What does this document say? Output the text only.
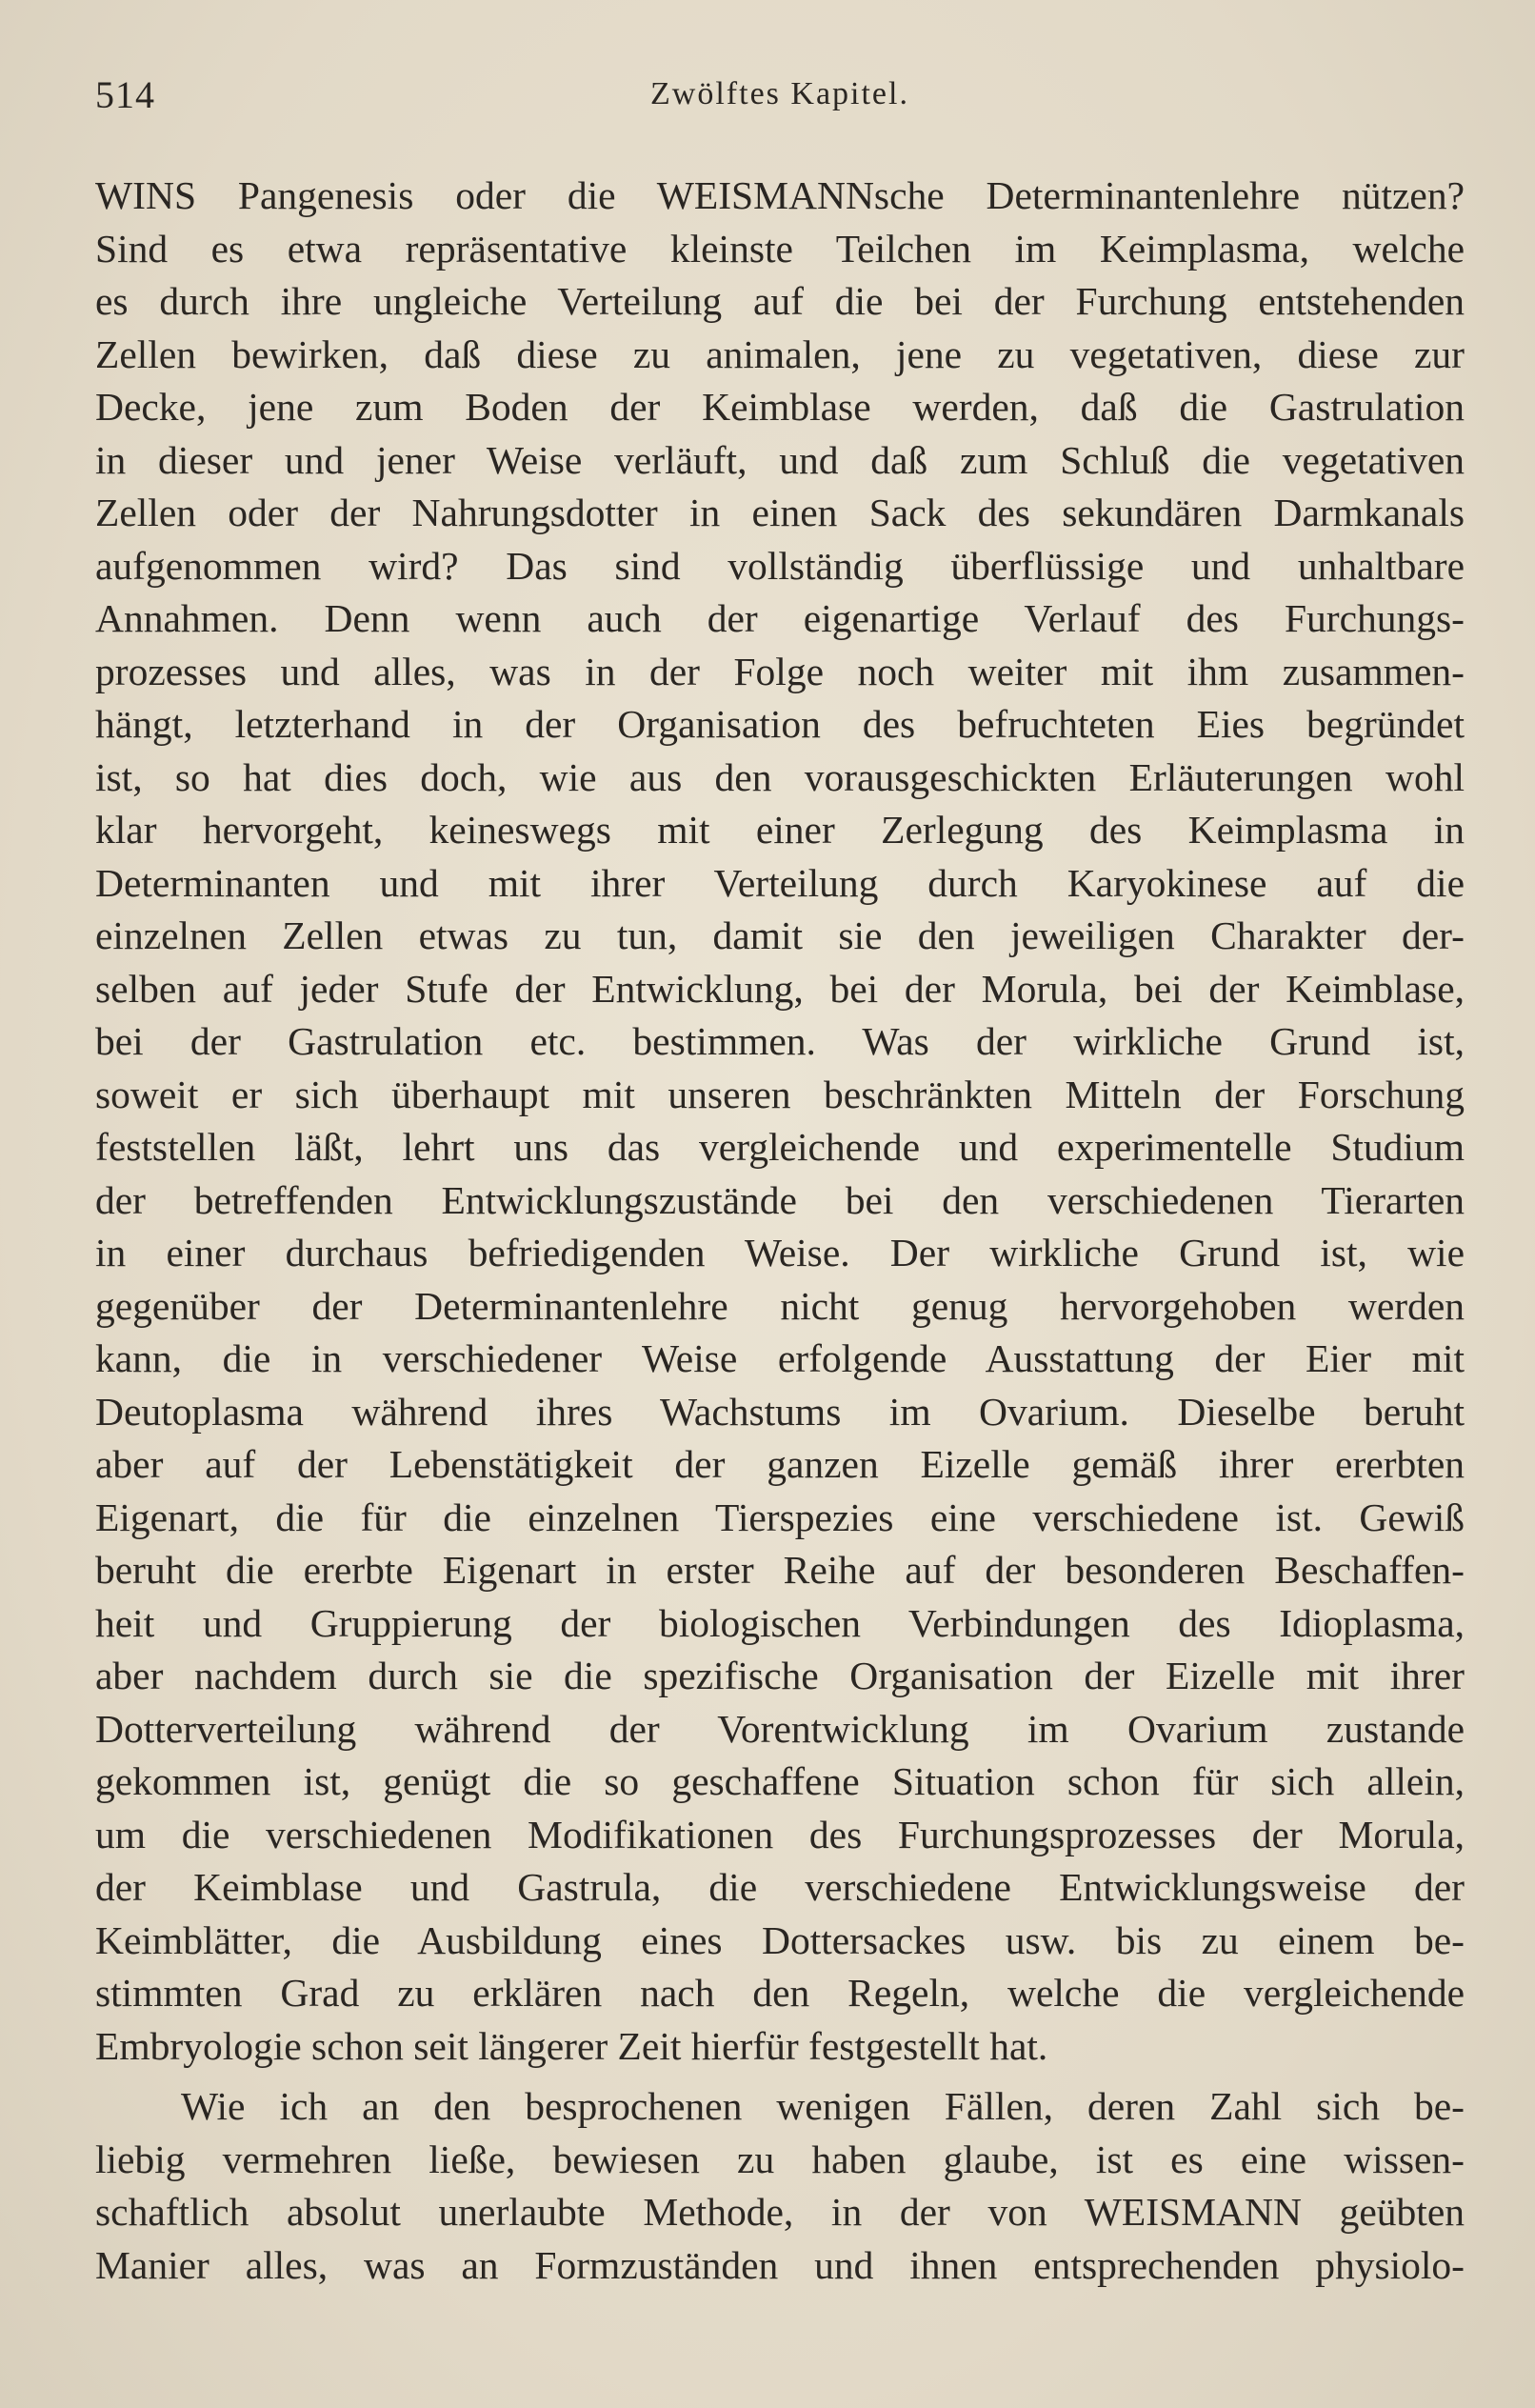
514	Zwölftes Kapitel.
WINS Pangenesis oder die WEISMANNsche Determinantenlehre nützen?
Sind es etwa repräsentative kleinste Teilchen im Keimplasma, welche
es durch ihre ungleiche Verteilung auf die bei der Furchung entstehenden
Zellen bewirken, daß diese zu animalen, jene zu vegetativen, diese zur
Decke, jene zum Boden der Keimblase werden, daß die Gastrulation
in dieser und jener Weise verläuft, und daß zum Schluß die vegetativen
Zellen oder der Nahrungsdotter in einen Sack des sekundären Darmkanals
aufgenommen wird? Das sind vollständig überflüssige und unhaltbare
Annahmen. Denn wenn auch der eigenartige Verlauf des Furchungs-
prozesses und alles, was in der Folge noch weiter mit ihm zusammen-
hängt, letzterhand in der Organisation des befruchteten Eies begründet
ist, so hat dies doch, wie aus den vorausgeschickten Erläuterungen wohl
klar hervorgeht, keineswegs mit einer Zerlegung des Keimplasma in
Determinanten und mit ihrer Verteilung durch Karyokinese auf die
einzelnen Zellen etwas zu tun, damit sie den jeweiligen Charakter der-
selben auf jeder Stufe der Entwicklung, bei der Morula, bei der Keimblase,
bei der Gastrulation etc. bestimmen. Was der wirkliche Grund ist,
soweit er sich überhaupt mit unseren beschränkten Mitteln der Forschung
feststellen läßt, lehrt uns das vergleichende und experimentelle Studium
der betreffenden Entwicklungszustände bei den verschiedenen Tierarten
in einer durchaus befriedigenden Weise. Der wirkliche Grund ist, wie
gegenüber der Determinantenlehre nicht genug hervorgehoben werden
kann, die in verschiedener Weise erfolgende Ausstattung der Eier mit
Deutoplasma während ihres Wachstums im Ovarium. Dieselbe beruht
aber auf der Lebenstätigkeit der ganzen Eizelle gemäß ihrer ererbten
Eigenart, die für die einzelnen Tierspezies eine verschiedene ist. Gewiß
beruht die ererbte Eigenart in erster Reihe auf der besonderen Beschaffen-
heit und Gruppierung der biologischen Verbindungen des Idioplasma,
aber nachdem durch sie die spezifische Organisation der Eizelle mit ihrer
Dotterverteilung während der Vorentwicklung im Ovarium zustande
gekommen ist, genügt die so geschaffene Situation schon für sich allein,
um die verschiedenen Modifikationen des Furchungsprozesses der Morula,
der Keimblase und Gastrula, die verschiedene Entwicklungsweise der
Keimblätter, die Ausbildung eines Dottersackes usw. bis zu einem be-
stimmten Grad zu erklären nach den Regeln, welche die vergleichende
Embryologie schon seit längerer Zeit hierfür festgestellt hat.
Wie ich an den besprochenen wenigen Fällen, deren Zahl sich be-
liebig vermehren ließe, bewiesen zu haben glaube, ist es eine wissen-
schaftlich absolut unerlaubte Methode, in der von WEISMANN geübten
Manier alles, was an Formzuständen und ihnen entsprechenden physiolo-
